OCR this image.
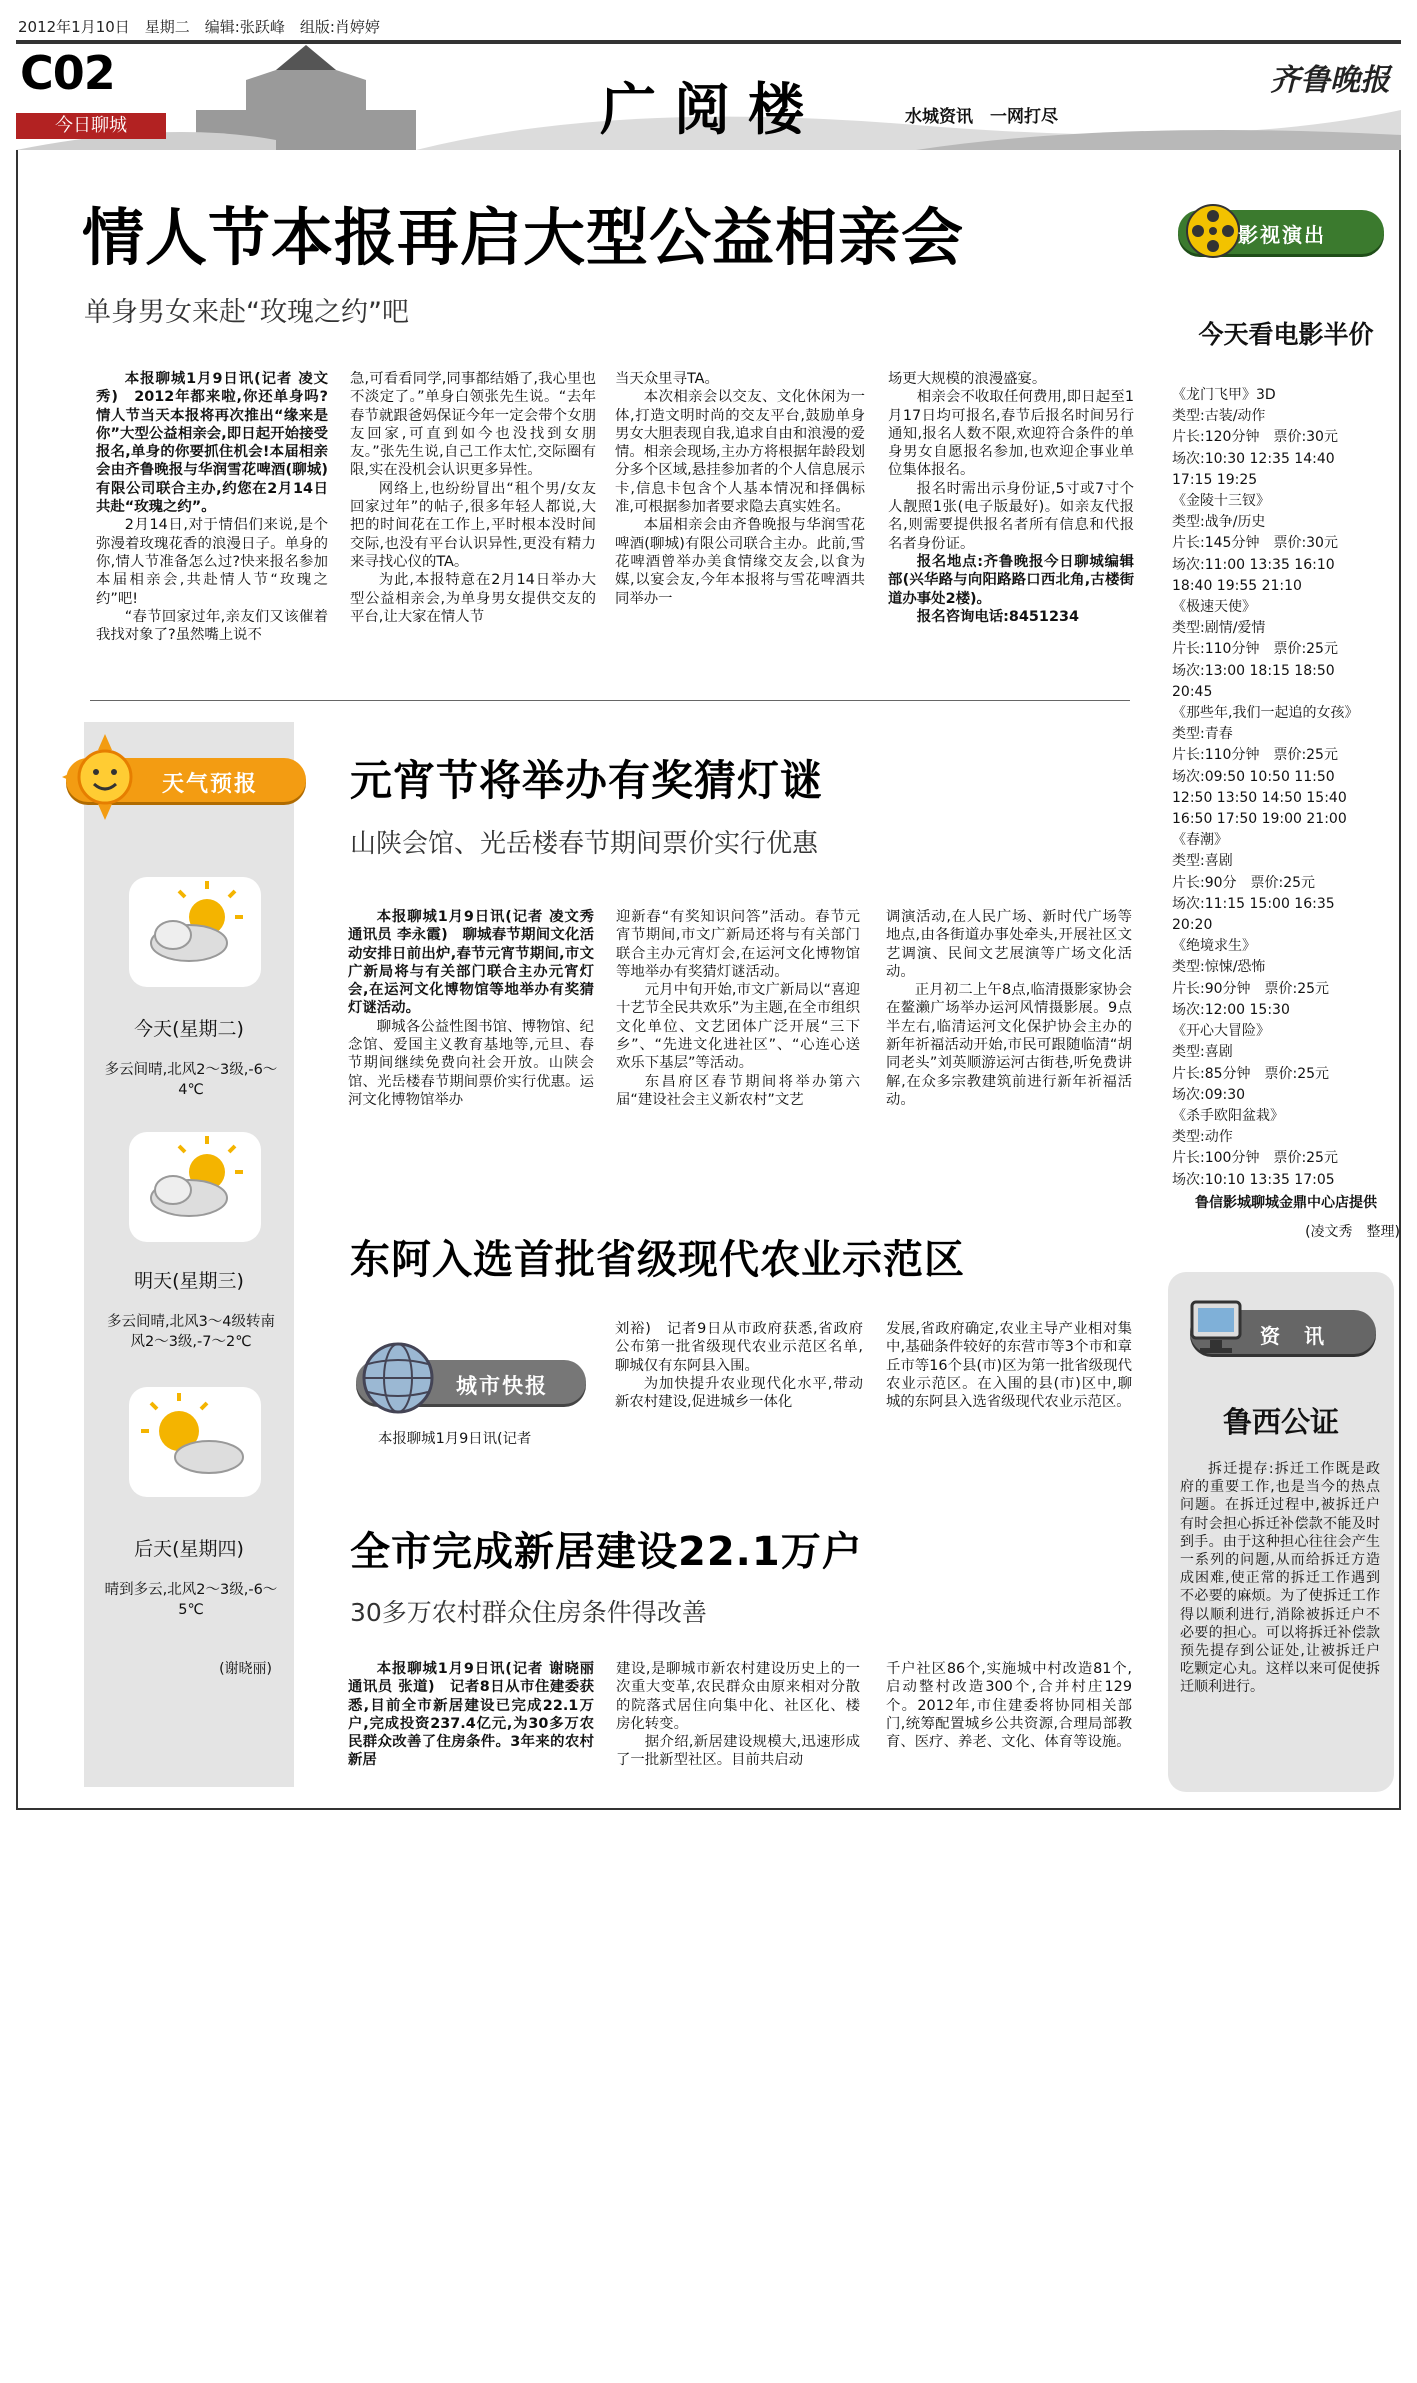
2012年1月10日　星期二　编辑:张跃峰　组版:肖婷婷
C02
今日聊城	广阅楼	水城资讯　一网打尽
齐鲁晚报
情人节本报再启大型公益相亲会
单身男女来赴“玫瑰之约”吧

本报聊城1月9日讯(记者 凌文秀)　2012年都来啦,你还单身吗?情人节当天本报将再次推出“缘来是你”大型公益相亲会,即日起开始接受报名,单身的你要抓住机会!本届相亲会由齐鲁晚报与华润雪花啤酒(聊城)有限公司联合主办,约您在2月14日共赴“玫瑰之约”。

2月14日,对于情侣们来说,是个弥漫着玫瑰花香的浪漫日子。单身的你,情人节准备怎么过?快来报名参加本届相亲会,共赴情人节“玫瑰之约”吧!

“春节回家过年,亲友们又该催着我找对象了?虽然嘴上说不

急,可看看同学,同事都结婚了,我心里也不淡定了。”单身白领张先生说。“去年春节就跟爸妈保证今年一定会带个女朋友回家,可直到如今也没找到女朋友。”张先生说,自己工作太忙,交际圈有限,实在没机会认识更多异性。

网络上,也纷纷冒出“租个男/女友回家过年”的帖子,很多年轻人都说,大把的时间花在工作上,平时根本没时间交际,也没有平台认识异性,更没有精力来寻找心仪的TA。

为此,本报特意在2月14日举办大型公益相亲会,为单身男女提供交友的平台,让大家在情人节

当天众里寻TA。

本次相亲会以交友、文化休闲为一体,打造文明时尚的交友平台,鼓励单身男女大胆表现自我,追求自由和浪漫的爱情。相亲会现场,主办方将根据年龄段划分多个区域,悬挂参加者的个人信息展示卡,信息卡包含个人基本情况和择偶标准,可根据参加者要求隐去真实姓名。

本届相亲会由齐鲁晚报与华润雪花啤酒(聊城)有限公司联合主办。此前,雪花啤酒曾举办美食情缘交友会,以食为媒,以宴会友,今年本报将与雪花啤酒共同举办一

场更大规模的浪漫盛宴。

相亲会不收取任何费用,即日起至1月17日均可报名,春节后报名时间另行通知,报名人数不限,欢迎符合条件的单身男女自愿报名参加,也欢迎企事业单位集体报名。

报名时需出示身份证,5寸或7寸个人靓照1张(电子版最好)。如亲友代报名,则需要提供报名者所有信息和代报名者身份证。

报名地点:齐鲁晚报今日聊城编辑部(兴华路与向阳路路口西北角,古楼街道办事处2楼)。

报名咨询电话:8451234

影视演出
今天看电影半价
《龙门飞甲》3D
类型:古装/动作
片长:120分钟　票价:30元
场次:10:30 12:35 14:40
17:15 19:25
《金陵十三钗》
类型:战争/历史
片长:145分钟　票价:30元
场次:11:00 13:35 16:10
18:40 19:55 21:10
《极速天使》
类型:剧情/爱情
片长:110分钟　票价:25元
场次:13:00 18:15 18:50
20:45
《那些年,我们一起追的女孩》
类型:青春
片长:110分钟　票价:25元
场次:09:50 10:50 11:50
12:50 13:50 14:50 15:40
16:50 17:50 19:00 21:00
《春潮》
类型:喜剧
片长:90分　票价:25元
场次:11:15 15:00 16:35
20:20
《绝境求生》
类型:惊悚/恐怖
片长:90分钟　票价:25元
场次:12:00 15:30
《开心大冒险》
类型:喜剧
片长:85分钟　票价:25元
场次:09:30
《杀手欧阳盆栽》
类型:动作
片长:100分钟　票价:25元
场次:10:10 13:35 17:05
鲁信影城聊城金鼎中心店提供
(凌文秀　整理)
今天(星期二)
多云间晴,北风2～3级,-6～4℃
明天(星期三)
多云间晴,北风3～4级转南风2～3级,-7～2℃
后天(星期四)
晴到多云,北风2～3级,-6～5℃
(谢晓丽)
天气预报 元宵节将举办有奖猜灯谜
山陕会馆、光岳楼春节期间票价实行优惠

本报聊城1月9日讯(记者 凌文秀　通讯员 李永霞)　聊城春节期间文化活动安排日前出炉,春节元宵节期间,市文广新局将与有关部门联合主办元宵灯会,在运河文化博物馆等地举办有奖猜灯谜活动。

聊城各公益性图书馆、博物馆、纪念馆、爱国主义教育基地等,元旦、春节期间继续免费向社会开放。山陕会馆、光岳楼春节期间票价实行优惠。运河文化博物馆举办

迎新春“有奖知识问答”活动。春节元宵节期间,市文广新局还将与有关部门联合主办元宵灯会,在运河文化博物馆等地举办有奖猜灯谜活动。

元月中旬开始,市文广新局以“喜迎十艺节全民共欢乐”为主题,在全市组织文化单位、文艺团体广泛开展“三下乡”、“先进文化进社区”、“心连心送欢乐下基层”等活动。

东昌府区春节期间将举办第六届“建设社会主义新农村”文艺

调演活动,在人民广场、新时代广场等地点,由各街道办事处牵头,开展社区文艺调演、民间文艺展演等广场文化活动。

正月初二上午8点,临清摄影家协会在鳌濑广场举办运河风情摄影展。9点半左右,临清运河文化保护协会主办的新年祈福活动开始,市民可跟随临清“胡同老头”刘英顺游运河古街巷,听免费讲解,在众多宗教建筑前进行新年祈福活动。

东阿入选首批省级现代农业示范区
城市快报
本报聊城1月9日讯(记者

刘裕)　记者9日从市政府获悉,省政府公布第一批省级现代农业示范区名单,聊城仅有东阿县入围。

为加快提升农业现代化水平,带动新农村建设,促进城乡一体化

发展,省政府确定,农业主导产业相对集中,基础条件较好的东营市等3个市和章丘市等16个县(市)区为第一批省级现代农业示范区。在入围的县(市)区中,聊城的东阿县入选省级现代农业示范区。

全市完成新居建设22.1万户
30多万农村群众住房条件得改善

本报聊城1月9日讯(记者 谢晓丽　通讯员 张道)　记者8日从市住建委获悉,目前全市新居建设已完成22.1万户,完成投资237.4亿元,为30多万农民群众改善了住房条件。3年来的农村新居

建设,是聊城市新农村建设历史上的一次重大变革,农民群众由原来相对分散的院落式居住向集中化、社区化、楼房化转变。

据介绍,新居建设规模大,迅速形成了一批新型社区。目前共启动

千户社区86个,实施城中村改造81个,启动整村改造300个,合并村庄129个。2012年,市住建委将协同相关部门,统筹配置城乡公共资源,合理局部教育、医疗、养老、文化、体育等设施。

资　讯
鲁西公证

拆迁提存:拆迁工作既是政府的重要工作,也是当今的热点问题。在拆迁过程中,被拆迁户有时会担心拆迁补偿款不能及时到手。由于这种担心往往会产生一系列的问题,从而给拆迁方造成困难,使正常的拆迁工作遇到不必要的麻烦。为了使拆迁工作得以顺利进行,消除被拆迁户不必要的担心。可以将拆迁补偿款预先提存到公证处,让被拆迁户吃颗定心丸。这样以来可促使拆迁顺利进行。
